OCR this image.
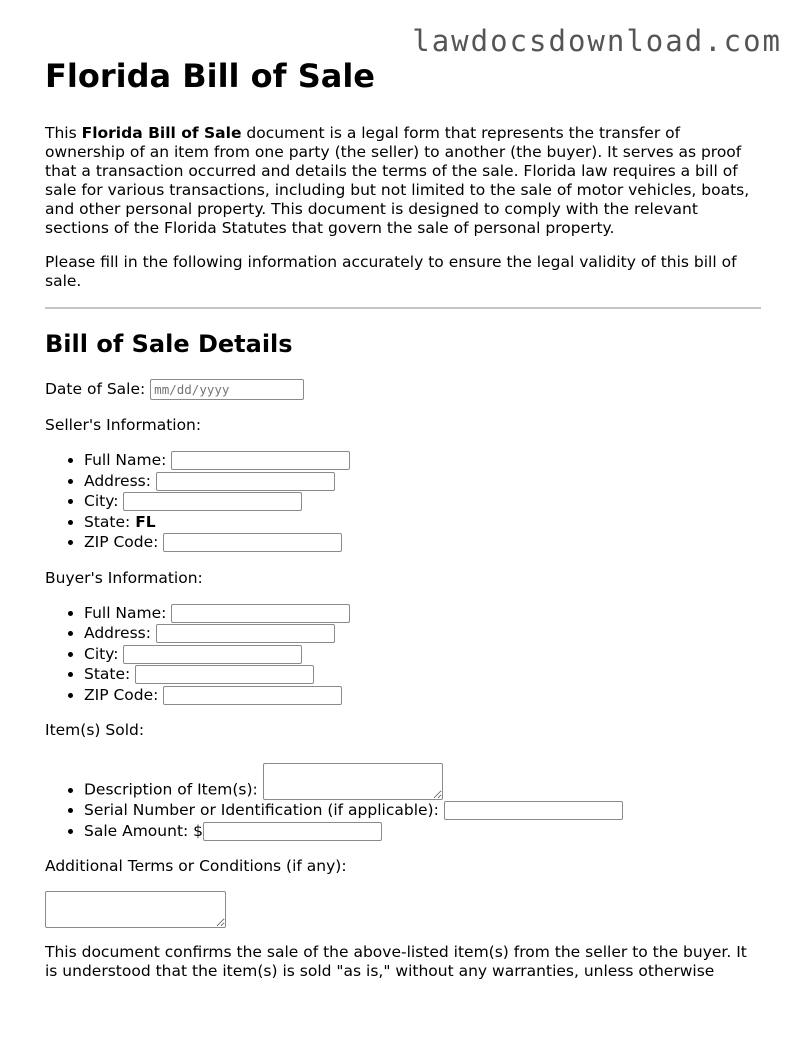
lawdocsdownload.com
Florida Bill of Sale

This Florida Bill of Sale document is a legal form that represents the transfer of ownership of an item from one party (the seller) to another (the buyer). It serves as proof that a transaction occurred and details the terms of the sale. Florida law requires a bill of sale for various transactions, including but not limited to the sale of motor vehicles, boats, and other personal property. This document is designed to comply with the relevant sections of the Florida Statutes that govern the sale of personal property.

Please fill in the following information accurately to ensure the legal validity of this bill of sale.

Bill of Sale Details
Date of Sale: mm/dd/yyyy
Seller's Information:
• Full Name:
• Address:
• City:
• State: FL
• ZIP Code:
Buyer's Information:
• Full Name:
• Address:
• City:
• State:
• ZIP Code:
Item(s) Sold:
• Description of Item(s):
• Serial Number or Identification (if applicable):
• Sale Amount: $
Additional Terms or Conditions (if any):

This document confirms the sale of the above-listed item(s) from the seller to the buyer. It is understood that the item(s) is sold "as is," without any warranties, unless otherwise
